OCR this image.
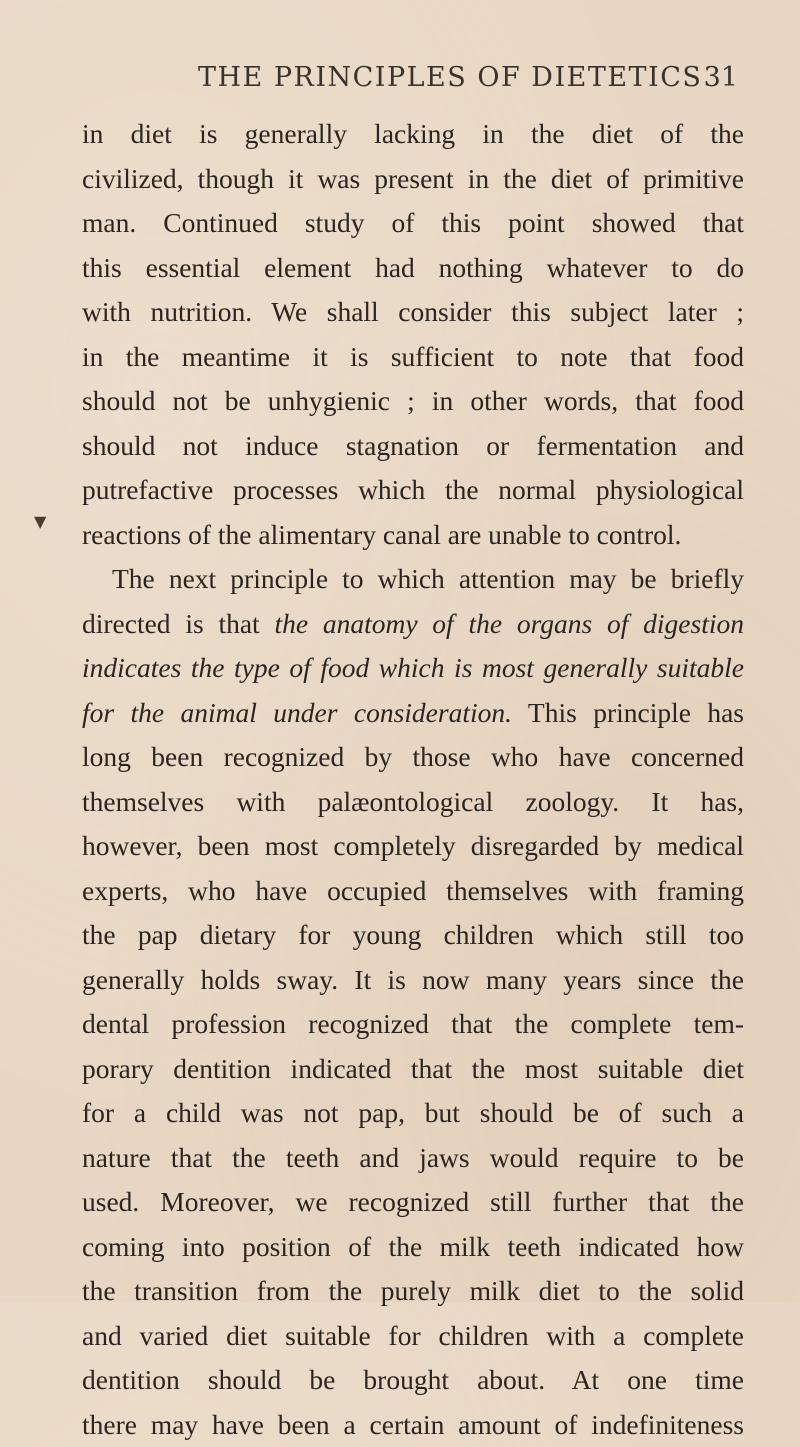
THE PRINCIPLES OF DIETETICS 31
▼
in diet is generally lacking in the diet of the
civilized, though it was present in the diet of primitive
man. Continued study of this point showed that
this essential element had nothing whatever to do
with nutrition. We shall consider this subject later ;
in the meantime it is sufficient to note that food
should not be unhygienic ; in other words, that food
should not induce stagnation or fermentation and
putrefactive processes which the normal physiological
reactions of the alimentary canal are unable to control.
The next principle to which attention may be briefly
directed is that the anatomy of the organs of digestion
indicates the type of food which is most generally suitable
for the animal under consideration. This principle has
long been recognized by those who have concerned
themselves with palæontological zoology. It has,
however, been most completely disregarded by medical
experts, who have occupied themselves with framing
the pap dietary for young children which still too
generally holds sway. It is now many years since the
dental profession recognized that the complete tem-
porary dentition indicated that the most suitable diet
for a child was not pap, but should be of such a
nature that the teeth and jaws would require to be
used. Moreover, we recognized still further that the
coming into position of the milk teeth indicated how
the transition from the purely milk diet to the solid
and varied diet suitable for children with a complete
dentition should be brought about. At one time
there may have been a certain amount of indefiniteness
